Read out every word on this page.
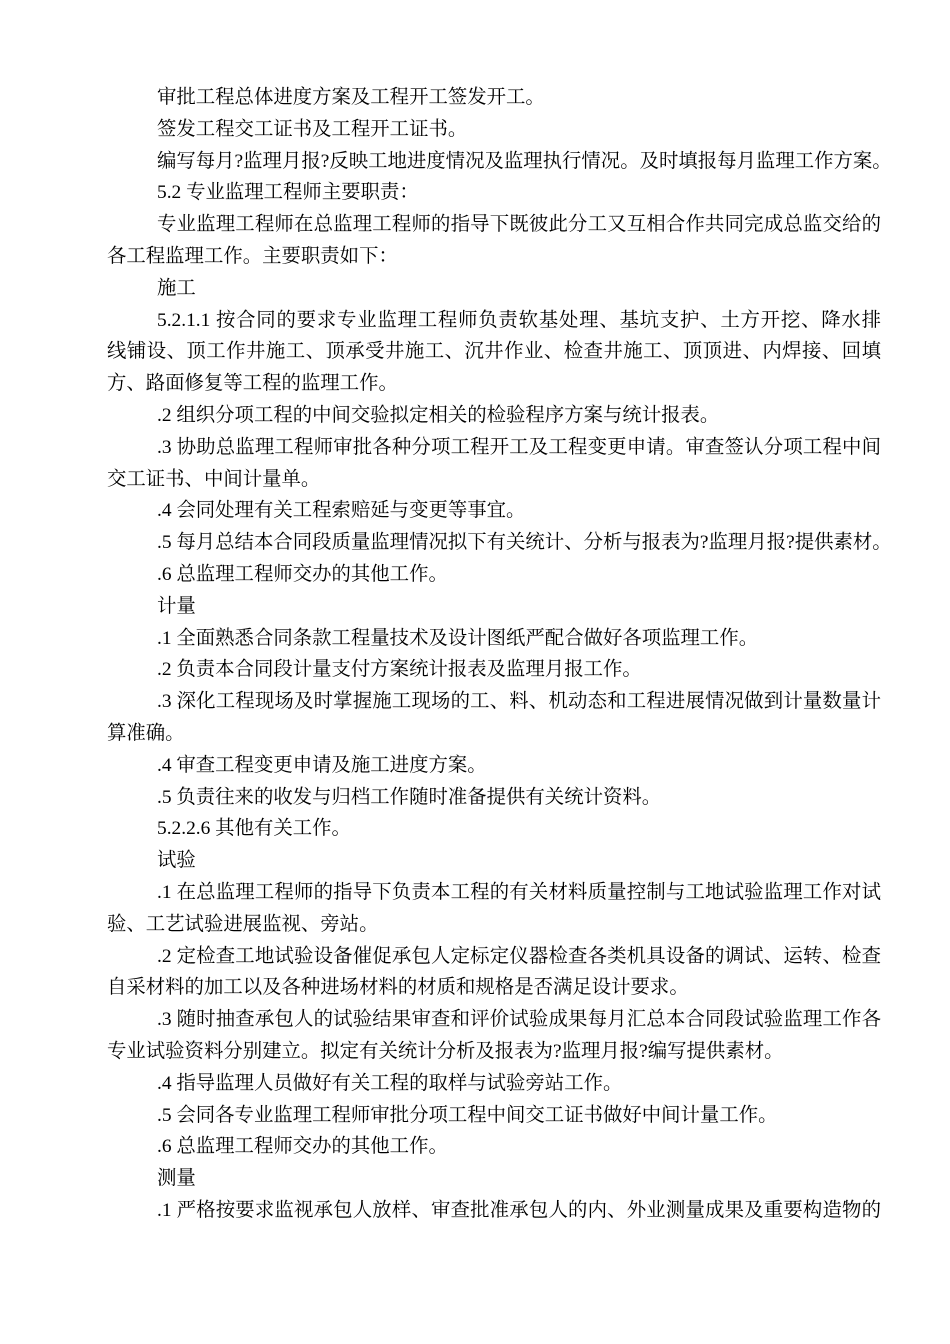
审批工程总体进度方案及工程开工签发开工。
签发工程交工证书及工程开工证书。
编写每月?监理月报?反映工地进度情况及监理执行情况。及时填报每月监理工作方案。
5.2 专业监理工程师主要职责：
专业监理工程师在总监理工程师的指导下既彼此分工又互相合作共同完成总监交给的
各工程监理工作。主要职责如下：
施工
5.2.1.1 按合同的要求专业监理工程师负责软基处理、基坑支护、土方开挖、降水排
线铺设、顶工作井施工、顶承受井施工、沉井作业、检查井施工、顶顶进、内焊接、回填
方、路面修复等工程的监理工作。
.2 组织分项工程的中间交验拟定相关的检验程序方案与统计报表。
.3 协助总监理工程师审批各种分项工程开工及工程变更申请。审查签认分项工程中间
交工证书、中间计量单。
.4 会同处理有关工程索赔延与变更等事宜。
.5 每月总结本合同段质量监理情况拟下有关统计、分析与报表为?监理月报?提供素材。
.6 总监理工程师交办的其他工作。
计量
.1 全面熟悉合同条款工程量技术及设计图纸严配合做好各项监理工作。
.2 负责本合同段计量支付方案统计报表及监理月报工作。
.3 深化工程现场及时掌握施工现场的工、料、机动态和工程进展情况做到计量数量计
算准确。
.4 审查工程变更申请及施工进度方案。
.5 负责往来的收发与归档工作随时准备提供有关统计资料。
5.2.2.6 其他有关工作。
试验
.1 在总监理工程师的指导下负责本工程的有关材料质量控制与工地试验监理工作对试
验、工艺试验进展监视、旁站。
.2 定检查工地试验设备催促承包人定标定仪器检查各类机具设备的调试、运转、检查
自采材料的加工以及各种进场材料的材质和规格是否满足设计要求。
.3 随时抽查承包人的试验结果审查和评价试验成果每月汇总本合同段试验监理工作各
专业试验资料分别建立。拟定有关统计分析及报表为?监理月报?编写提供素材。
.4 指导监理人员做好有关工程的取样与试验旁站工作。
.5 会同各专业监理工程师审批分项工程中间交工证书做好中间计量工作。
.6 总监理工程师交办的其他工作。
测量
.1 严格按要求监视承包人放样、审查批准承包人的内、外业测量成果及重要构造物的
